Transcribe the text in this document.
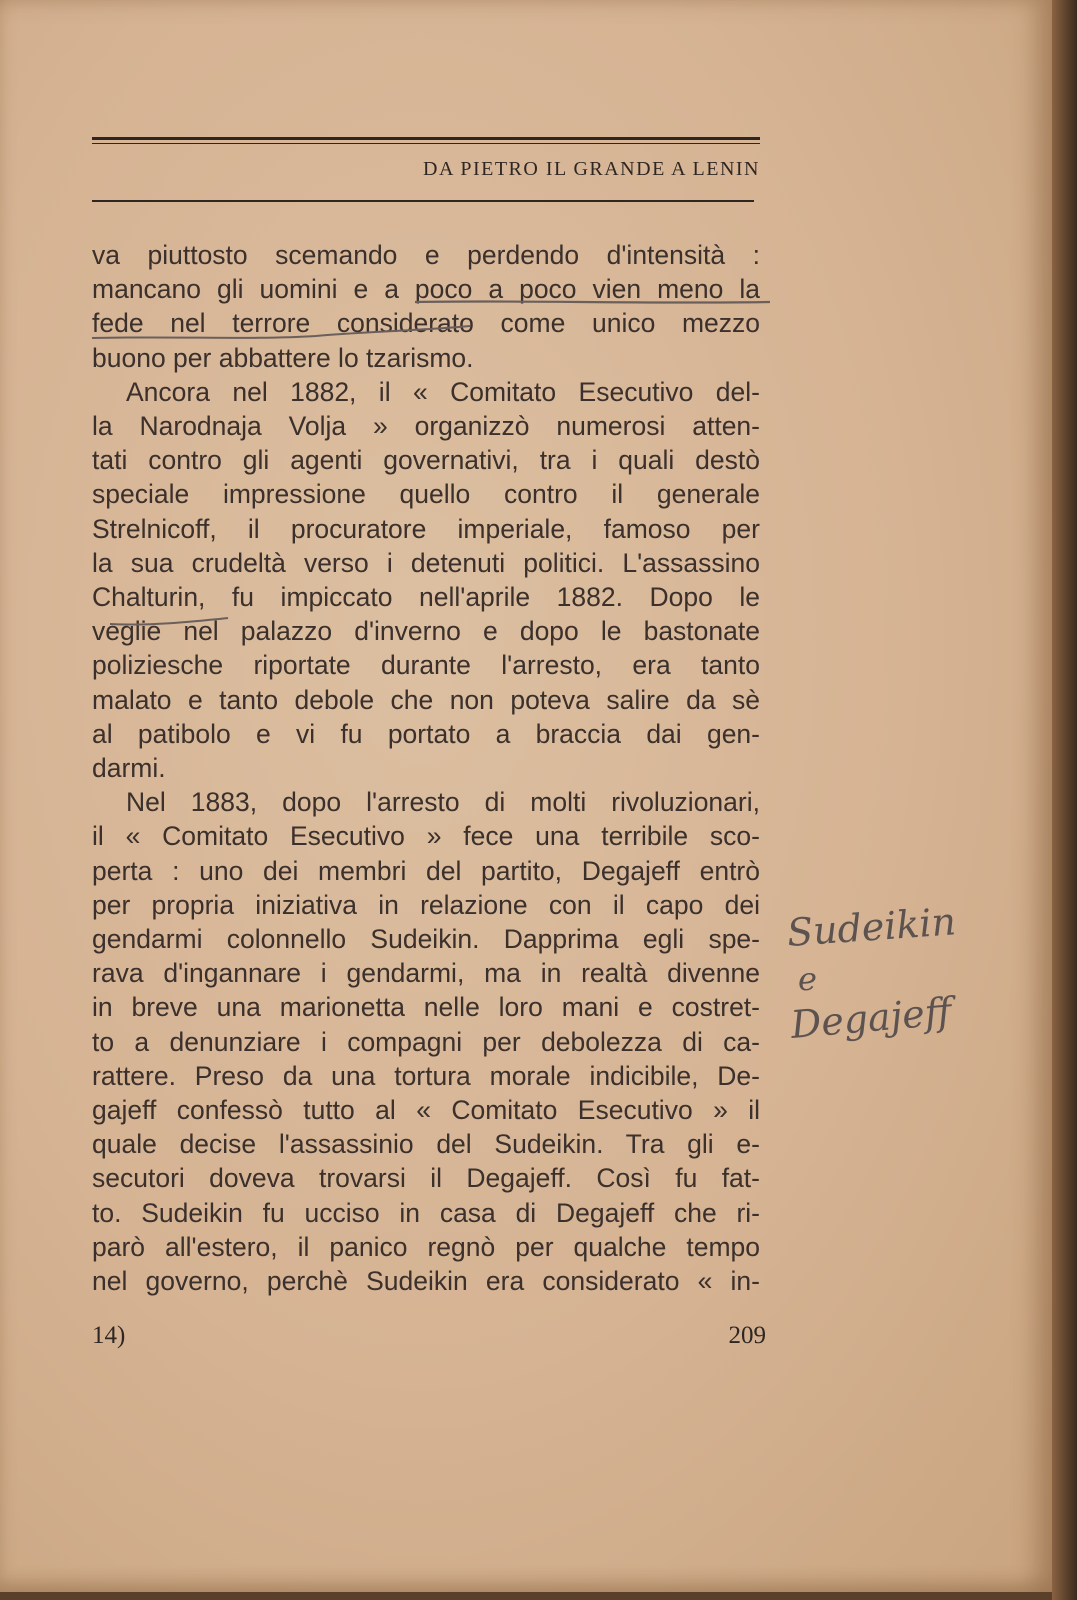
DA PIETRO IL GRANDE A LENIN
va piuttosto scemando e perdendo d'intensità :
mancano gli uomini e a poco a poco vien meno la
fede nel terrore considerato come unico mezzo
buono per abbattere lo tzarismo.
Ancora nel 1882, il « Comitato Esecutivo del-
la Narodnaja Volja » organizzò numerosi atten-
tati contro gli agenti governativi, tra i quali destò
speciale impressione quello contro il generale
Strelnicoff, il procuratore imperiale, famoso per
la sua crudeltà verso i detenuti politici. L'assassino
Chalturin, fu impiccato nell'aprile 1882. Dopo le
veglie nel palazzo d'inverno e dopo le bastonate
poliziesche riportate durante l'arresto, era tanto
malato e tanto debole che non poteva salire da sè
al patibolo e vi fu portato a braccia dai gen-
darmi.
Nel 1883, dopo l'arresto di molti rivoluzionari,
il « Comitato Esecutivo » fece una terribile sco-
perta : uno dei membri del partito, Degajeff entrò
per propria iniziativa in relazione con il capo dei
gendarmi colonnello Sudeikin. Dapprima egli spe-
rava d'ingannare i gendarmi, ma in realtà divenne
in breve una marionetta nelle loro mani e costret-
to a denunziare i compagni per debolezza di ca-
rattere. Preso da una tortura morale indicibile, De-
gajeff confessò tutto al « Comitato Esecutivo » il
quale decise l'assassinio del Sudeikin. Tra gli e-
secutori doveva trovarsi il Degajeff. Così fu fat-
to. Sudeikin fu ucciso in casa di Degajeff che ri-
parò all'estero, il panico regnò per qualche tempo
nel governo, perchè Sudeikin era considerato « in-
Sudeikin
e
Degajeff
14)	209
